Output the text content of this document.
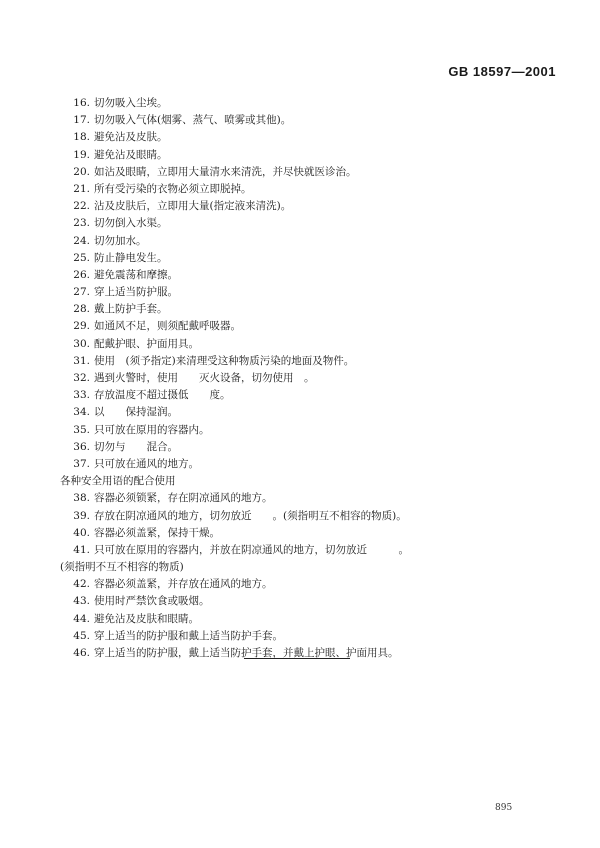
GB 18597—2001
16. 切勿吸入尘埃。
17. 切勿吸入气体(烟雾、蒸气、喷雾或其他)。
18. 避免沾及皮肤。
19. 避免沾及眼睛。
20. 如沾及眼睛，立即用大量清水来清洗，并尽快就医诊治。
21. 所有受污染的衣物必须立即脱掉。
22. 沾及皮肤后，立即用大量(指定液来清洗)。
23. 切勿倒入水渠。
24. 切勿加水。
25. 防止静电发生。
26. 避免震荡和摩擦。
27. 穿上适当防护服。
28. 戴上防护手套。
29. 如通风不足，则须配戴呼吸器。
30. 配戴护眼、护面用具。
31. 使用　(须予指定)来清理受这种物质污染的地面及物件。
32. 遇到火警时，使用　　灭火设备，切勿使用　。
33. 存放温度不超过摄低　　度。
34. 以　　保持湿润。
35. 只可放在原用的容器内。
36. 切勿与　　混合。
37. 只可放在通风的地方。
各种安全用语的配合使用
38. 容器必须锁紧，存在阴凉通风的地方。
39. 存放在阴凉通风的地方，切勿放近　　。(须指明互不相容的物质)。
40. 容器必须盖紧，保持干燥。
41. 只可放在原用的容器内，并放在阴凉通风的地方，切勿放近　　　。
(须指明不互不相容的物质)
42. 容器必须盖紧，并存放在通风的地方。
43. 使用时严禁饮食或吸烟。
44. 避免沾及皮肤和眼睛。
45. 穿上适当的防护服和戴上适当防护手套。
46. 穿上适当的防护服，戴上适当防护手套，并戴上护眼、护面用具。
895
